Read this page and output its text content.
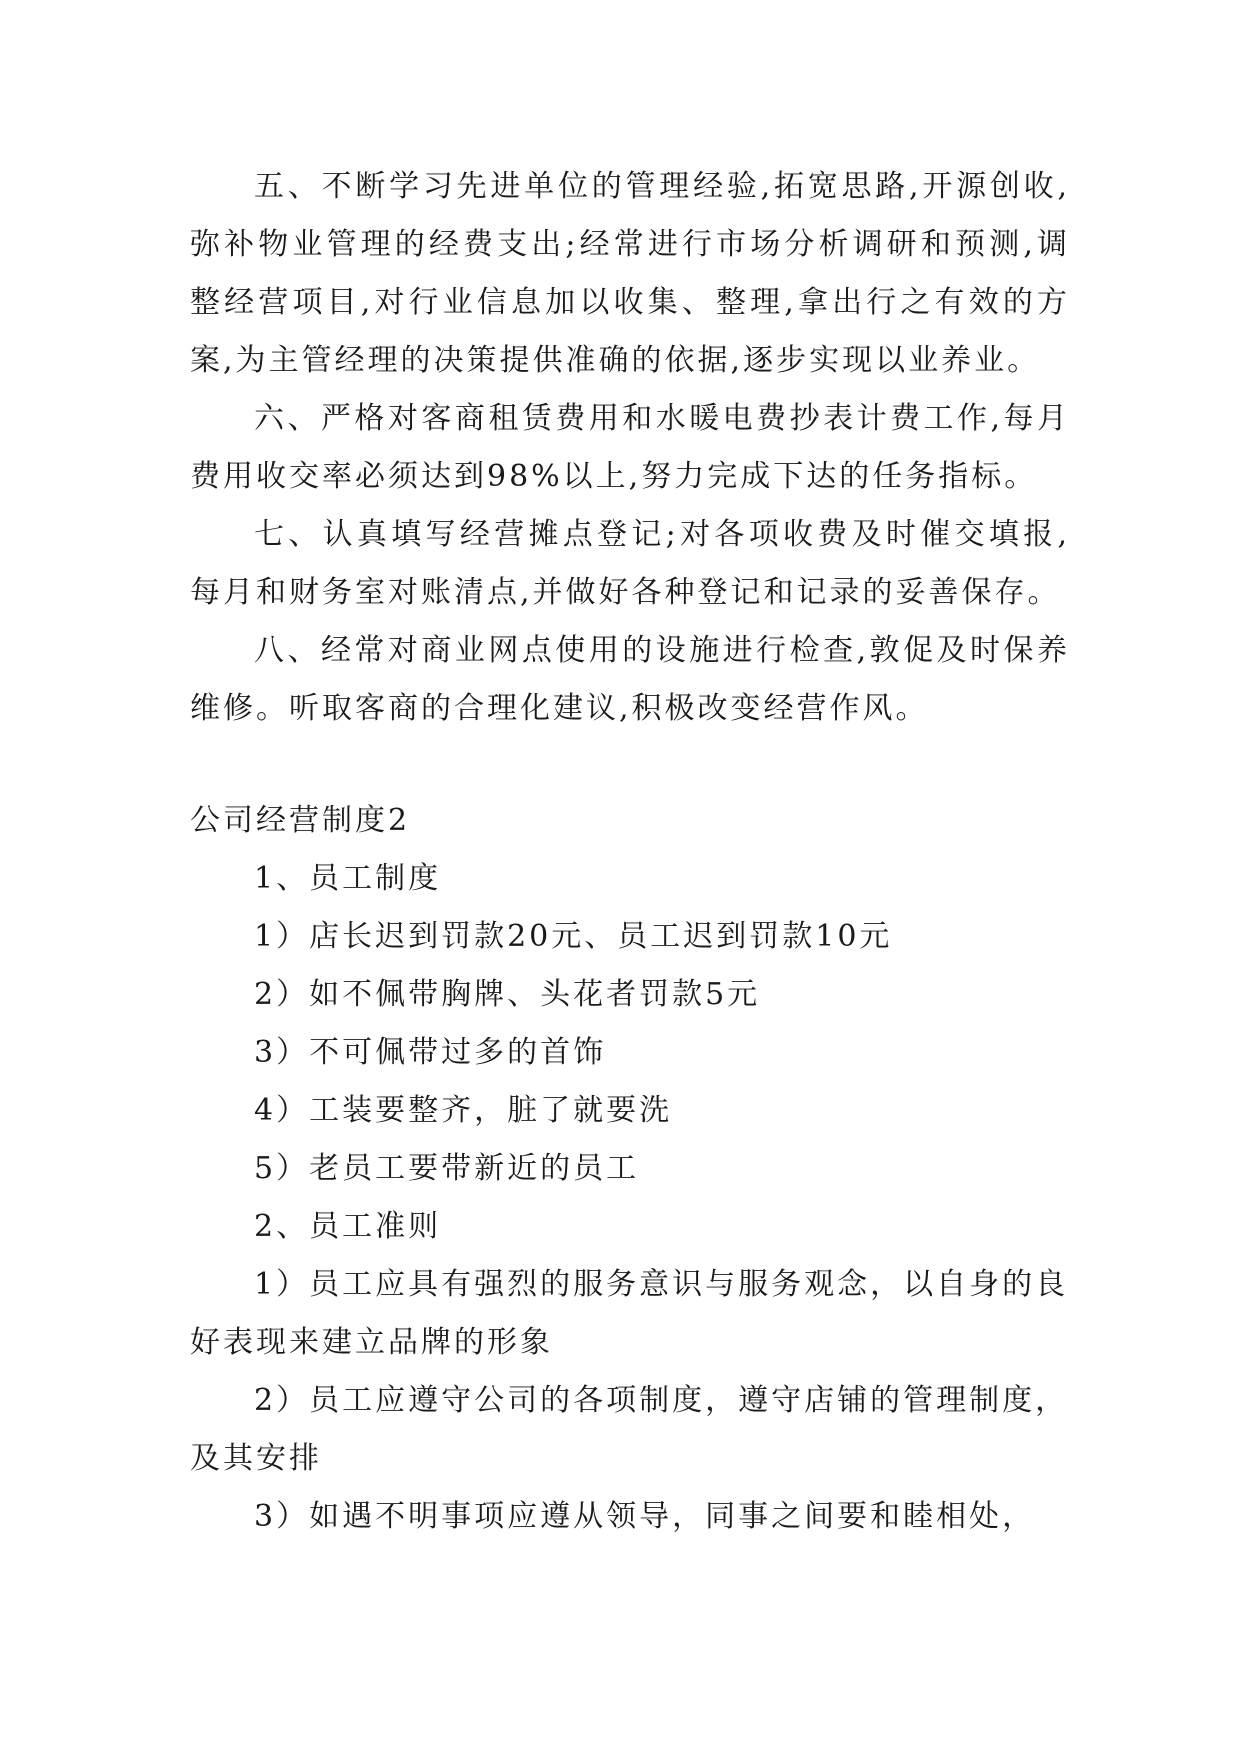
五、不断学习先进单位的管理经验,拓宽思路,开源创收,弥补物业管理的经费支出;经常进行市场分析调研和预测,调整经营项目,对行业信息加以收集、整理,拿出行之有效的方案,为主管经理的决策提供准确的依据,逐步实现以业养业。

六、严格对客商租赁费用和水暖电费抄表计费工作,每月费用收交率必须达到98%以上,努力完成下达的任务指标。

七、认真填写经营摊点登记;对各项收费及时催交填报,每月和财务室对账清点,并做好各种登记和记录的妥善保存。

八、经常对商业网点使用的设施进行检查,敦促及时保养维修。听取客商的合理化建议,积极改变经营作风。

公司经营制度2

1、员工制度

1）店长迟到罚款20元、员工迟到罚款10元

2）如不佩带胸牌、头花者罚款5元

3）不可佩带过多的首饰

4）工装要整齐，脏了就要洗

5）老员工要带新近的员工

2、员工准则

1）员工应具有强烈的服务意识与服务观念，以自身的良好表现来建立品牌的形象

2）员工应遵守公司的各项制度，遵守店铺的管理制度，及其安排

3）如遇不明事项应遵从领导，同事之间要和睦相处，
